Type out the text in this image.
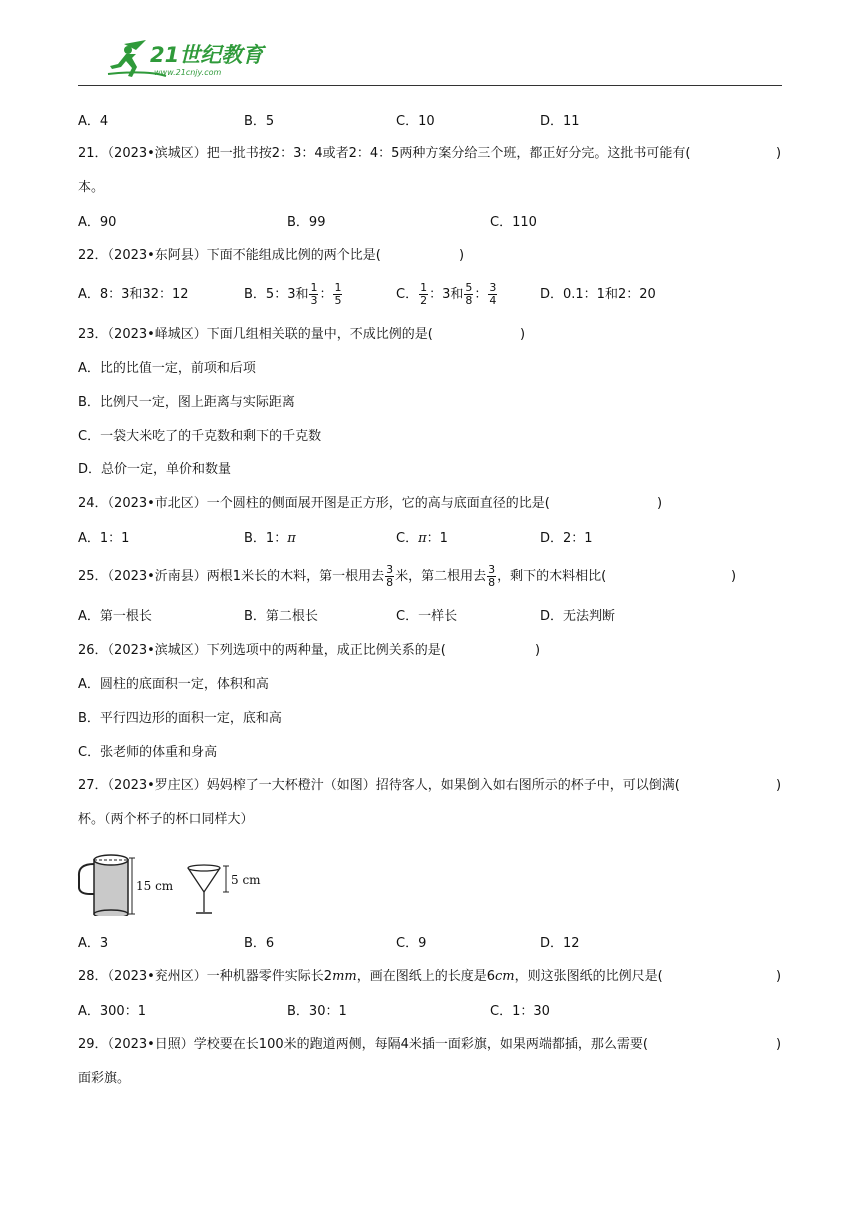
21世纪教育
www.21cnjy.com
A．4	B．5	C．10	D．11
21．（2023•滨城区）把一批书按2：3：4或者2：4：5两种方案分给三个班，都正好分完。这批书可能有(	)
本。
A．90	B．99	C．110
22．（2023•东阿县）下面不能组成比例的两个比是(	)
A．8：3和32：12	B．5：3和 $\frac{1}{3}$ ： $\frac{1}{5}$	C． $\frac{1}{2}$ ：3和 $\frac{5}{8}$ ： $\frac{3}{4}$	D．0.1：1和2：20
23．（2023•峄城区）下面几组相关联的量中，不成比例的是(	)
A．比的比值一定，前项和后项
B．比例尺一定，图上距离与实际距离
C．一袋大米吃了的千克数和剩下的千克数
D．总价一定，单价和数量
24．（2023•市北区）一个圆柱的侧面展开图是正方形，它的高与底面直径的比是(	)
A．1：1	B．1：π	C．π：1	D．2：1
25．（2023•沂南县）两根1米长的木料，第一根用去 $\frac{3}{8}$ 米，第二根用去 $\frac{3}{8}$ ，剩下的木料相比(	)
A．第一根长	B．第二根长	C．一样长	D．无法判断
26．（2023•滨城区）下列选项中的两种量，成正比例关系的是(	)
A．圆柱的底面积一定，体积和高
B．平行四边形的面积一定，底和高
C．张老师的体重和身高
27．（2023•罗庄区）妈妈榨了一大杯橙汁（如图）招待客人，如果倒入如右图所示的杯子中，可以倒满(	)
杯。（两个杯子的杯口同样大）
15 cm	5 cm
A．3	B．6	C．9	D．12
28．（2023•兖州区）一种机器零件实际长2mm，画在图纸上的长度是6cm，则这张图纸的比例尺是(	)
A．300：1	B．30：1	C．1：30
29．（2023•日照）学校要在长100米的跑道两侧，每隔4米插一面彩旗，如果两端都插，那么需要(	)
面彩旗。
